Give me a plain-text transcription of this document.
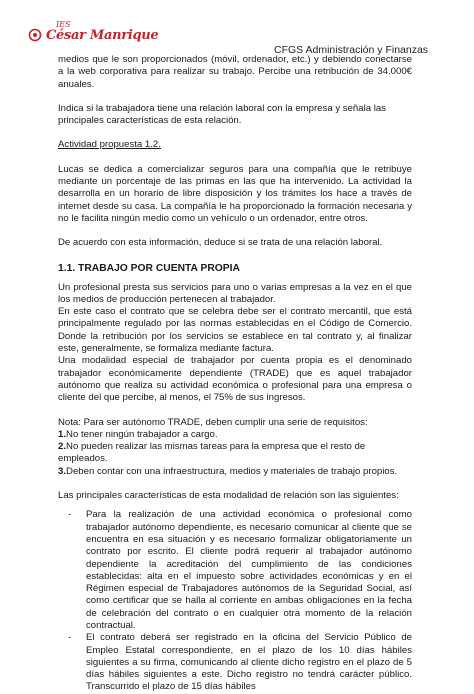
IES
César Manrique
CFGS Administración y Finanzas

medios que le son proporcionados (móvil, ordenador, etc.) y debiendo conectarse a la web corporativa para realizar su trabajo. Percibe una retribución de 34.000€ anuales.

Indica si la trabajadora tiene una relación laboral con la empresa y señala las principales características de esta relación.

Actividad propuesta 1.2.

Lucas se dedica a comercializar seguros para una compañía que le retribuye mediante un porcentaje de las primas en las que ha intervenido. La actividad la desarrolla en un horario de libre disposición y los trámites los hace a través de internet desde su casa. La compañía le ha proporcionado la formación necesaria y no le facilita ningún medio como un vehículo o un ordenador, entre otros.

De acuerdo con esta información, deduce si se trata de una relación laboral.

1.1. TRABAJO POR CUENTA PROPIA

Un profesional presta sus servicios para uno o varias empresas a la vez en el que los medios de producción pertenecen al trabajador.

En este caso el contrato que se celebra debe ser el contrato mercantil, que está principalmente regulado por las normas establecidas en el Código de Comercio. Donde la retribución por los servicios se establece en tal contrato y, al finalizar este, generalmente, se formaliza mediante factura.

Una modalidad especial de trabajador por cuenta propia es el denominado trabajador económicamente dependiente (TRADE) que es aquel trabajador autónomo que realiza su actividad económica o profesional para una empresa o cliente del que percibe, al menos, el 75% de sus ingresos.

Nota: Para ser autónomo TRADE, deben cumplir una serie de requisitos:

1.No tener ningún trabajador a cargo.

2.No pueden realizar las mismas tareas para la empresa que el resto de empleados.

3.Deben contar con una infraestructura, medios y materiales de trabajo propios.

Las principales características de esta modalidad de relación son las siguientes:

- Para la realización de una actividad económica o profesional como trabajador autónomo dependiente, es necesario comunicar al cliente que se encuentra en esa situación y es necesario formalizar obligatoriamente un contrato por escrito. El cliente podrá requerir al trabajador autónomo dependiente la acreditación del cumplimiento de las condiciones establecidas: alta en el impuesto sobre actividades económicas y en el Régimen especial de Trabajadores autónomos de la Seguridad Social, así como certificar que se halla al corriente en ambas obligaciones en la fecha de celebración del contrato o en cualquier otra momento de la relación contractual.
- El contrato deberá ser registrado en la oficina del Servicio Público de Empleo Estatal correspondiente, en el plazo de los 10 días hábiles siguientes a su firma, comunicando al cliente dicho registro en el plazo de 5 días hábiles siguientes a este. Dicho registro no tendrá carácter público. Transcurrido el plazo de 15 días hábiles
